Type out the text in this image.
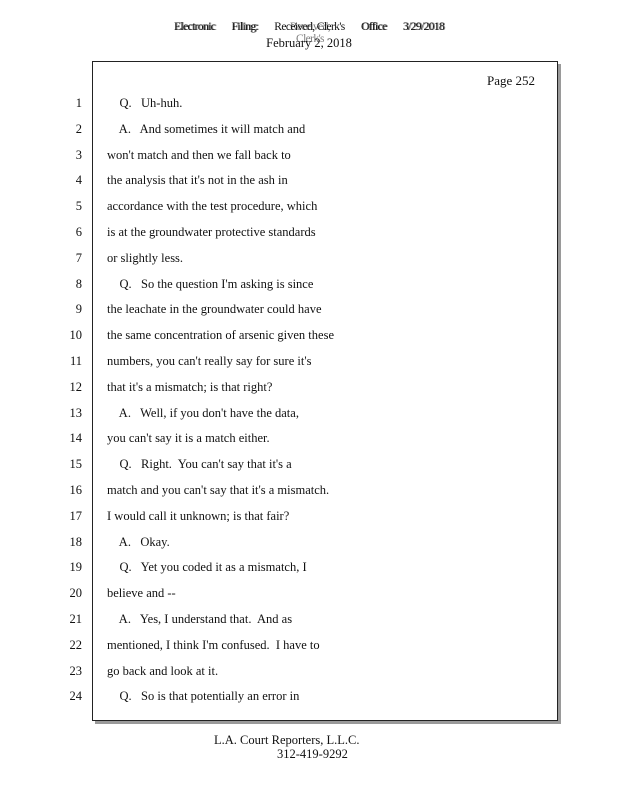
Electronic Electronic Filing: Filing: Received, Clerk's Received, Clerk's Office Office 3/29/2018 3/29/2018
February 2, 2018
Page 252
1
2
3
4
5
6
7
8
9
10
11
12
13
14
15
16
17
18
19
20
21
22
23
24
Q.   Uh-huh.
A.   And sometimes it will match and
won't match and then we fall back to
the analysis that it's not in the ash in
accordance with the test procedure, which
is at the groundwater protective standards
or slightly less.
Q.   So the question I'm asking is since
the leachate in the groundwater could have
the same concentration of arsenic given these
numbers, you can't really say for sure it's
that it's a mismatch; is that right?
A.   Well, if you don't have the data,
you can't say it is a match either.
Q.   Right.  You can't say that it's a
match and you can't say that it's a mismatch.
I would call it unknown; is that fair?
A.   Okay.
Q.   Yet you coded it as a mismatch, I
believe and --
A.   Yes, I understand that.  And as
mentioned, I think I'm confused.  I have to
go back and look at it.
Q.   So is that potentially an error in
L.A. Court Reporters, L.L.C.
312-419-9292
